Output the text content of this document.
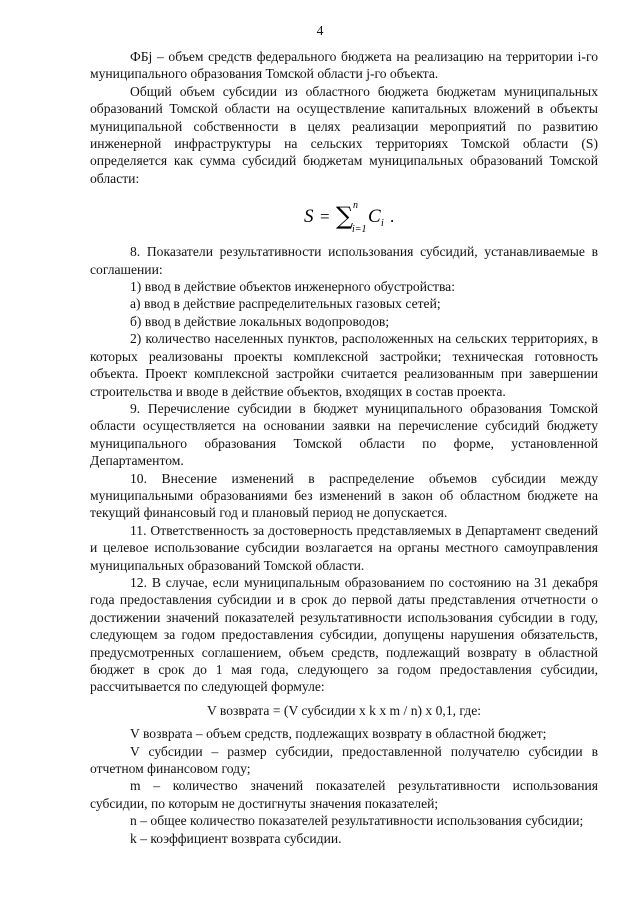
4

ФБj – объем средств федерального бюджета на реализацию на территории i-го муниципального образования Томской области j-го объекта.

Общий объем субсидии из областного бюджета бюджетам муниципальных образований Томской области на осуществление капитальных вложений в объекты муниципальной собственности в целях реализации мероприятий по развитию инженерной инфраструктуры на сельских территориях Томской области (S) определяется как сумма субсидий бюджетам муниципальных образований Томской области:

S = ∑ n
i=1
C i .

8. Показатели результативности использования субсидий, устанавливаемые в соглашении:

1) ввод в действие объектов инженерного обустройства:

а) ввод в действие распределительных газовых сетей;

б) ввод в действие локальных водопроводов;

2) количество населенных пунктов, расположенных на сельских территориях, в которых реализованы проекты комплексной застройки; техническая готовность объекта. Проект комплексной застройки считается реализованным при завершении строительства и вводе в действие объектов, входящих в состав проекта.

9. Перечисление субсидии в бюджет муниципального образования Томской области осуществляется на основании заявки на перечисление субсидий бюджету муниципального образования Томской области по форме, установленной Департаментом.

10. Внесение изменений в распределение объемов субсидии между муниципальными образованиями без изменений в закон об областном бюджете на текущий финансовый год и плановый период не допускается.

11. Ответственность за достоверность представляемых в Департамент сведений и целевое использование субсидии возлагается на органы местного самоуправления муниципальных образований Томской области.

12. В случае, если муниципальным образованием по состоянию на 31 декабря года предоставления субсидии и в срок до первой даты представления отчетности о достижении значений показателей результативности использования субсидии в году, следующем за годом предоставления субсидии, допущены нарушения обязательств, предусмотренных соглашением, объем средств, подлежащий возврату в областной бюджет в срок до 1 мая года, следующего за годом предоставления субсидии, рассчитывается по следующей формуле:

V возврата = (V субсидии x k x m / n) x 0,1, где:

V возврата – объем средств, подлежащих возврату в областной бюджет;

V субсидии – размер субсидии, предоставленной получателю субсидии в отчетном финансовом году;

m – количество значений показателей результативности использования субсидии, по которым не достигнуты значения показателей;

n – общее количество показателей результативности использования субсидии;

k – коэффициент возврата субсидии.
